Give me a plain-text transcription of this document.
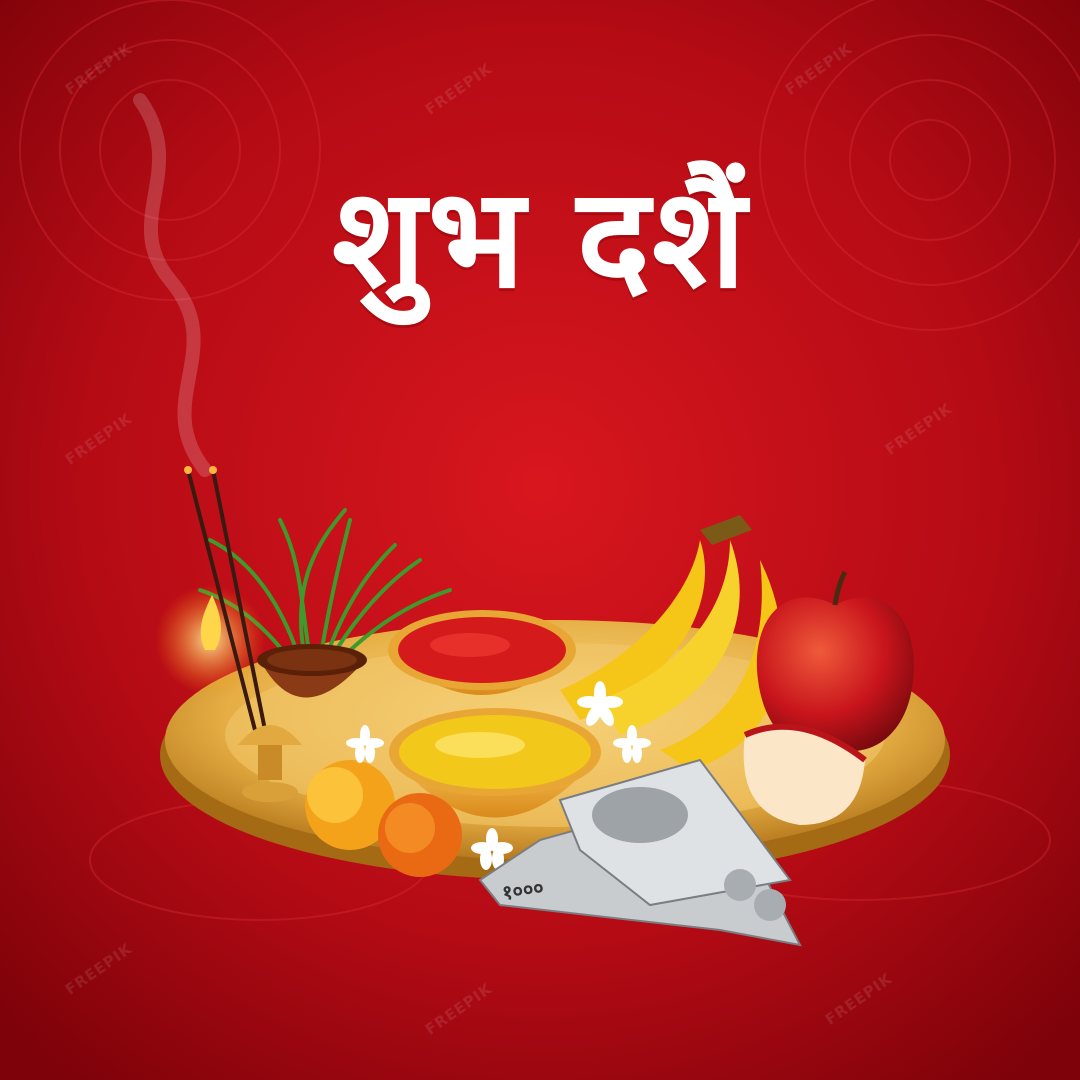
शुभ दशैं
१०००
FREEPIK	FREEPIK	FREEPIK
FREEPIK	FREEPIK
FREEPIK
FREEPIK	FREEPIK
